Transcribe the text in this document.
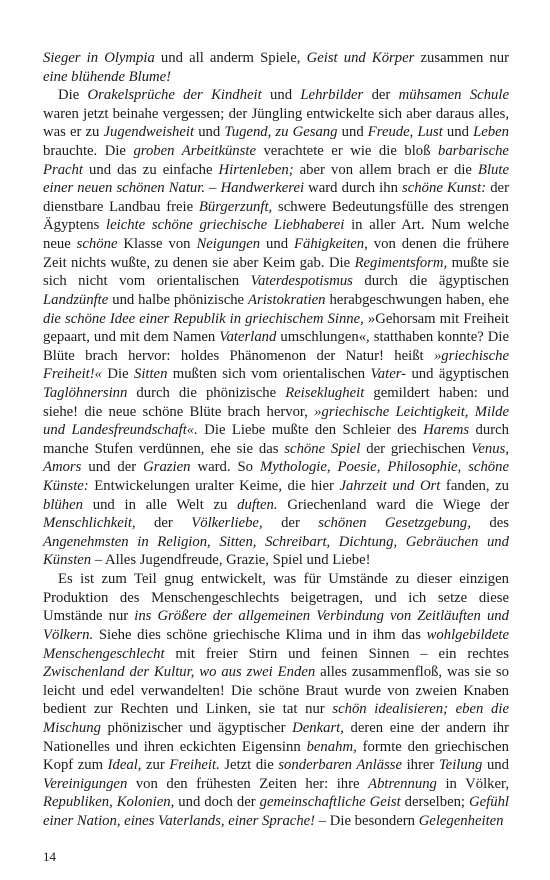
Sieger in Olympia und all anderm Spiele, Geist und Körper zusammen nur eine blühende Blume!

Die Orakelsprüche der Kindheit und Lehrbilder der mühsamen Schule waren jetzt beinahe vergessen; der Jüngling entwickelte sich aber daraus alles, was er zu Jugendweisheit und Tugend, zu Gesang und Freude, Lust und Leben brauchte. Die groben Arbeitkünste verachtete er wie die bloß barbarische Pracht und das zu einfache Hirtenleben; aber von allem brach er die Blute einer neuen schönen Natur. – Handwerkerei ward durch ihn schöne Kunst: der dienstbare Landbau freie Bürgerzunft, schwere Bedeutungsfülle des strengen Ägyptens leichte schöne griechische Liebhaberei in aller Art. Num welche neue schöne Klasse von Neigungen und Fähigkeiten, von denen die frühere Zeit nichts wußte, zu denen sie aber Keim gab. Die Regimentsform, mußte sie sich nicht vom orientalischen Vaterdespotismus durch die ägyptischen Landzünfte und halbe phönizische Aristokratien herabgeschwungen haben, ehe die schöne Idee einer Republik in griechischem Sinne, »Gehorsam mit Freiheit gepaart, und mit dem Namen Vaterland umschlungen«, statthaben konnte? Die Blüte brach hervor: holdes Phänomenon der Natur! heißt »griechische Freiheit!« Die Sitten mußten sich vom orientalischen Vater- und ägyptischen Taglöhnersinn durch die phönizische Reiseklugheit gemildert haben: und siehe! die neue schöne Blüte brach hervor, »griechische Leichtigkeit, Milde und Landesfreundschaft«. Die Liebe mußte den Schleier des Harems durch manche Stufen verdünnen, ehe sie das schöne Spiel der griechischen Venus, Amors und der Grazien ward. So Mythologie, Poesie, Philosophie, schöne Künste: Entwickelungen uralter Keime, die hier Jahrzeit und Ort fanden, zu blühen und in alle Welt zu duften. Griechenland ward die Wiege der Menschlichkeit, der Völkerliebe, der schönen Gesetzgebung, des Angenehmsten in Religion, Sitten, Schreibart, Dichtung, Gebräuchen und Künsten – Alles Jugendfreude, Grazie, Spiel und Liebe!

Es ist zum Teil gnug entwickelt, was für Umstände zu dieser einzigen Produktion des Menschengeschlechts beigetragen, und ich setze diese Umstände nur ins Größere der allgemeinen Verbindung von Zeitläuften und Völkern. Siehe dies schöne griechische Klima und in ihm das wohlgebildete Menschengeschlecht mit freier Stirn und feinen Sinnen – ein rechtes Zwischenland der Kultur, wo aus zwei Enden alles zusammenfloß, was sie so leicht und edel verwandelten! Die schöne Braut wurde von zweien Knaben bedient zur Rechten und Linken, sie tat nur schön idealisieren; eben die Mischung phönizischer und ägyptischer Denkart, deren eine der andern ihr Nationelles und ihren eckichten Eigensinn benahm, formte den griechischen Kopf zum Ideal, zur Freiheit. Jetzt die sonderbaren Anlässe ihrer Teilung und Vereinigungen von den frühesten Zeiten her: ihre Abtrennung in Völker, Republiken, Kolonien, und doch der gemeinschaftliche Geist derselben; Gefühl einer Nation, eines Vaterlands, einer Sprache! – Die besondern Gelegenheiten

14
